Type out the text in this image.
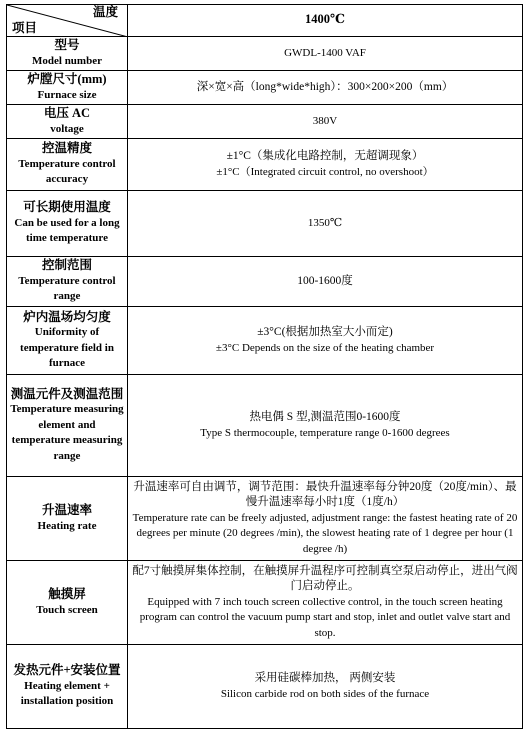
温度
项目	1400℃

型号
Model number	GWDL-1400 VAF

炉膛尺寸(mm)
Furnace size	深×宽×高（long*wide*high）：300×200×200（mm）

电压 AC
voltage	380V

控温精度
Temperature control accuracy	±1°C（集成化电路控制，无超调现象）
±1°C（Integrated circuit control, no overshoot）

可长期使用温度
Can be used for a long time temperature	1350℃

控制范围
Temperature control range	100-1600度

炉内温场均匀度
Uniformity of temperature field in furnace	±3°C(根据加热室大小而定)
±3°C Depends on the size of the heating chamber

测温元件及测温范围
Temperature measuring element and temperature measuring range	热电偶 S 型,测温范围0-1600度
Type S thermocouple, temperature range 0-1600 degrees

升温速率
Heating rate	升温速率可自由调节，调节范围：最快升温速率每分钟20度（20度/min）、最慢升温速率每小时1度（1度/h）
Temperature rate can be freely adjusted, adjustment range: the fastest heating rate of 20 degrees per minute (20 degrees /min), the slowest heating rate of 1 degree per hour (1 degree /h)

触摸屏
Touch screen	配7寸触摸屏集体控制，在触摸屏升温程序可控制真空泵启动停止，进出气阀门启动停止。
Equipped with 7 inch touch screen collective control, in the touch screen heating program can control the vacuum pump start and stop, inlet and outlet valve start and stop.

发热元件+安装位置
Heating element + installation position	采用硅碳棒加热， 两侧安装
Silicon carbide rod on both sides of the furnace
